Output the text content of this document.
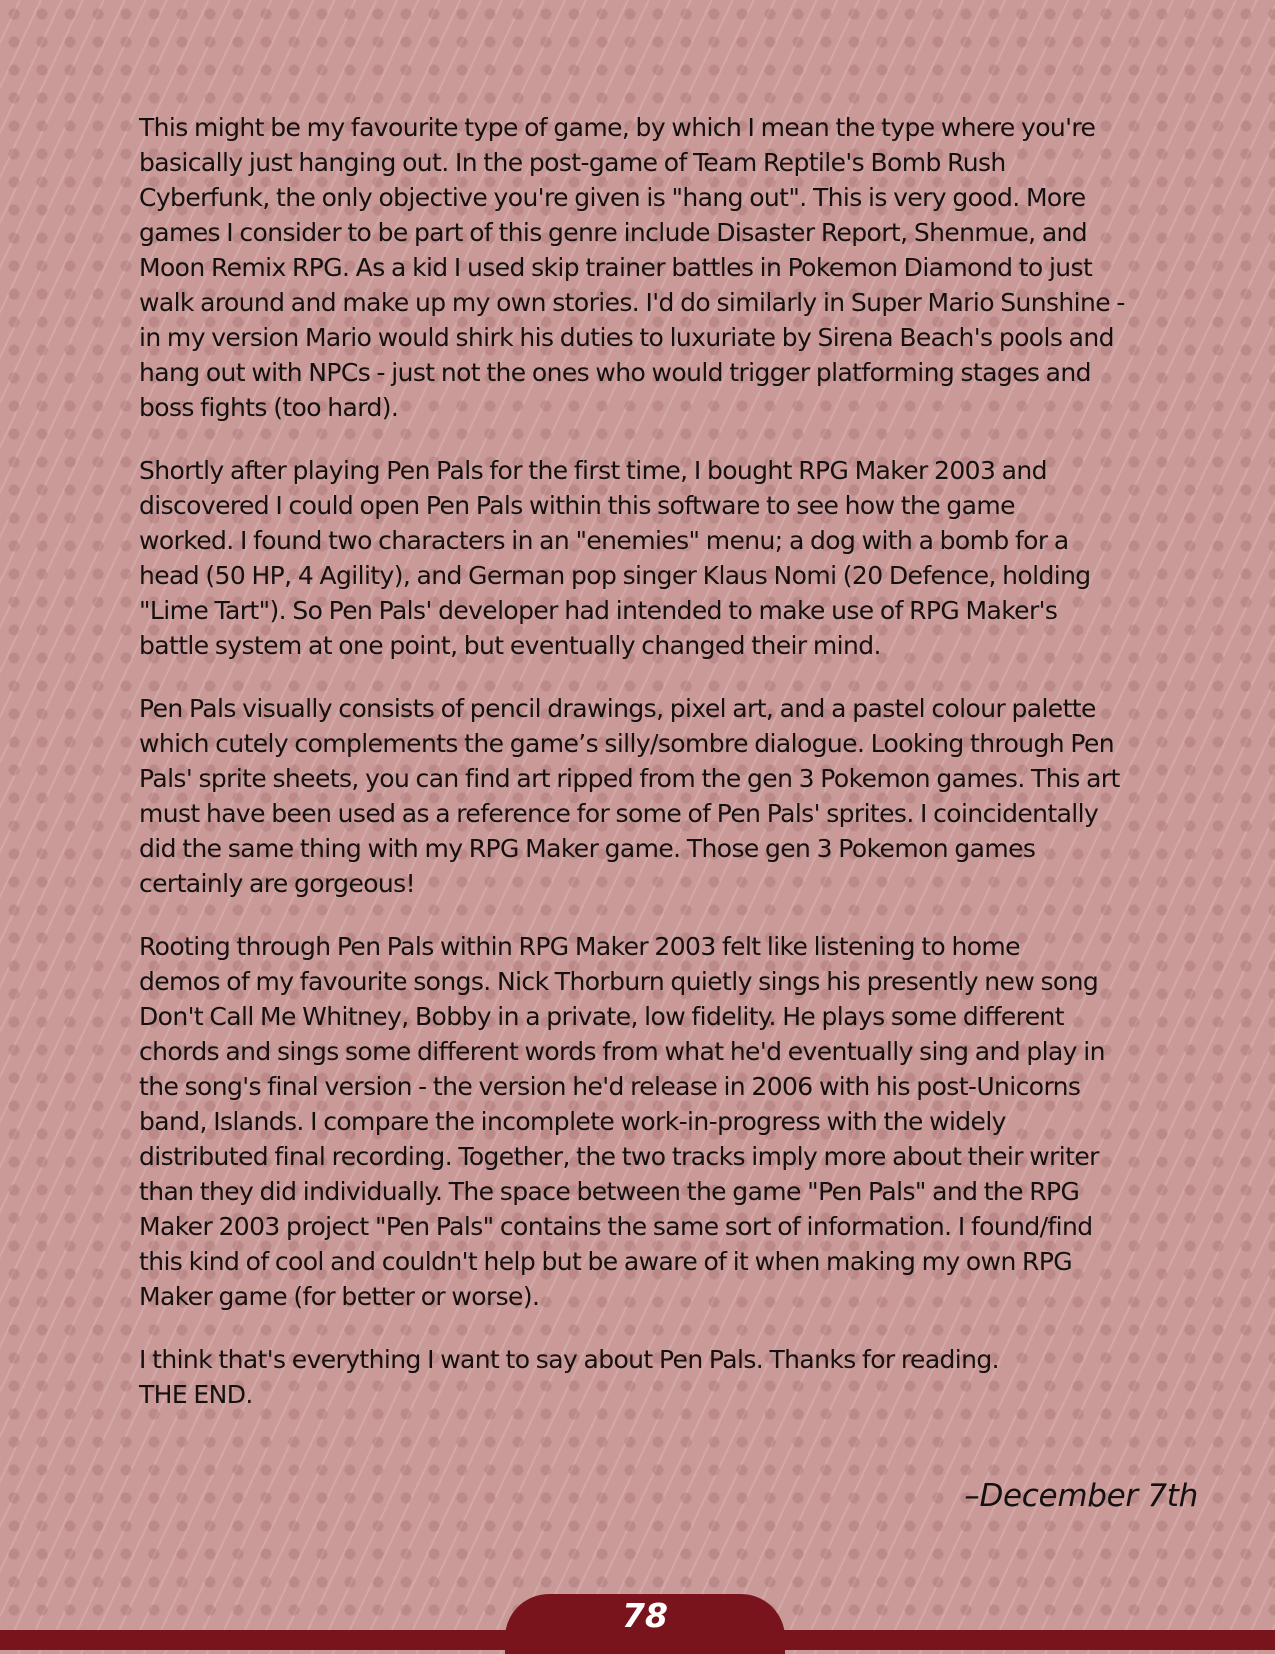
This might be my favourite type of game, by which I mean the type where you're
basically just hanging out. In the post-game of Team Reptile's Bomb Rush
Cyberfunk, the only objective you're given is "hang out". This is very good. More
games I consider to be part of this genre include Disaster Report, Shenmue, and
Moon Remix RPG. As a kid I used skip trainer battles in Pokemon Diamond to just
walk around and make up my own stories. I'd do similarly in Super Mario Sunshine -
in my version Mario would shirk his duties to luxuriate by Sirena Beach's pools and
hang out with NPCs - just not the ones who would trigger platforming stages and
boss fights (too hard).

Shortly after playing Pen Pals for the first time, I bought RPG Maker 2003 and
discovered I could open Pen Pals within this software to see how the game
worked. I found two characters in an "enemies" menu; a dog with a bomb for a
head (50 HP, 4 Agility), and German pop singer Klaus Nomi (20 Defence, holding
"Lime Tart"). So Pen Pals' developer had intended to make use of RPG Maker's
battle system at one point, but eventually changed their mind.

Pen Pals visually consists of pencil drawings, pixel art, and a pastel colour palette
which cutely complements the game’s silly/sombre dialogue. Looking through Pen
Pals' sprite sheets, you can find art ripped from the gen 3 Pokemon games. This art
must have been used as a reference for some of Pen Pals' sprites. I coincidentally
did the same thing with my RPG Maker game. Those gen 3 Pokemon games
certainly are gorgeous!

Rooting through Pen Pals within RPG Maker 2003 felt like listening to home
demos of my favourite songs. Nick Thorburn quietly sings his presently new song
Don't Call Me Whitney, Bobby in a private, low fidelity. He plays some different
chords and sings some different words from what he'd eventually sing and play in
the song's final version - the version he'd release in 2006 with his post-Unicorns
band, Islands. I compare the incomplete work-in-progress with the widely
distributed final recording. Together, the two tracks imply more about their writer
than they did individually. The space between the game "Pen Pals" and the RPG
Maker 2003 project "Pen Pals" contains the same sort of information. I found/find
this kind of cool and couldn't help but be aware of it when making my own RPG
Maker game (for better or worse).

I think that's everything I want to say about Pen Pals. Thanks for reading.
THE END.

–December 7th
78
